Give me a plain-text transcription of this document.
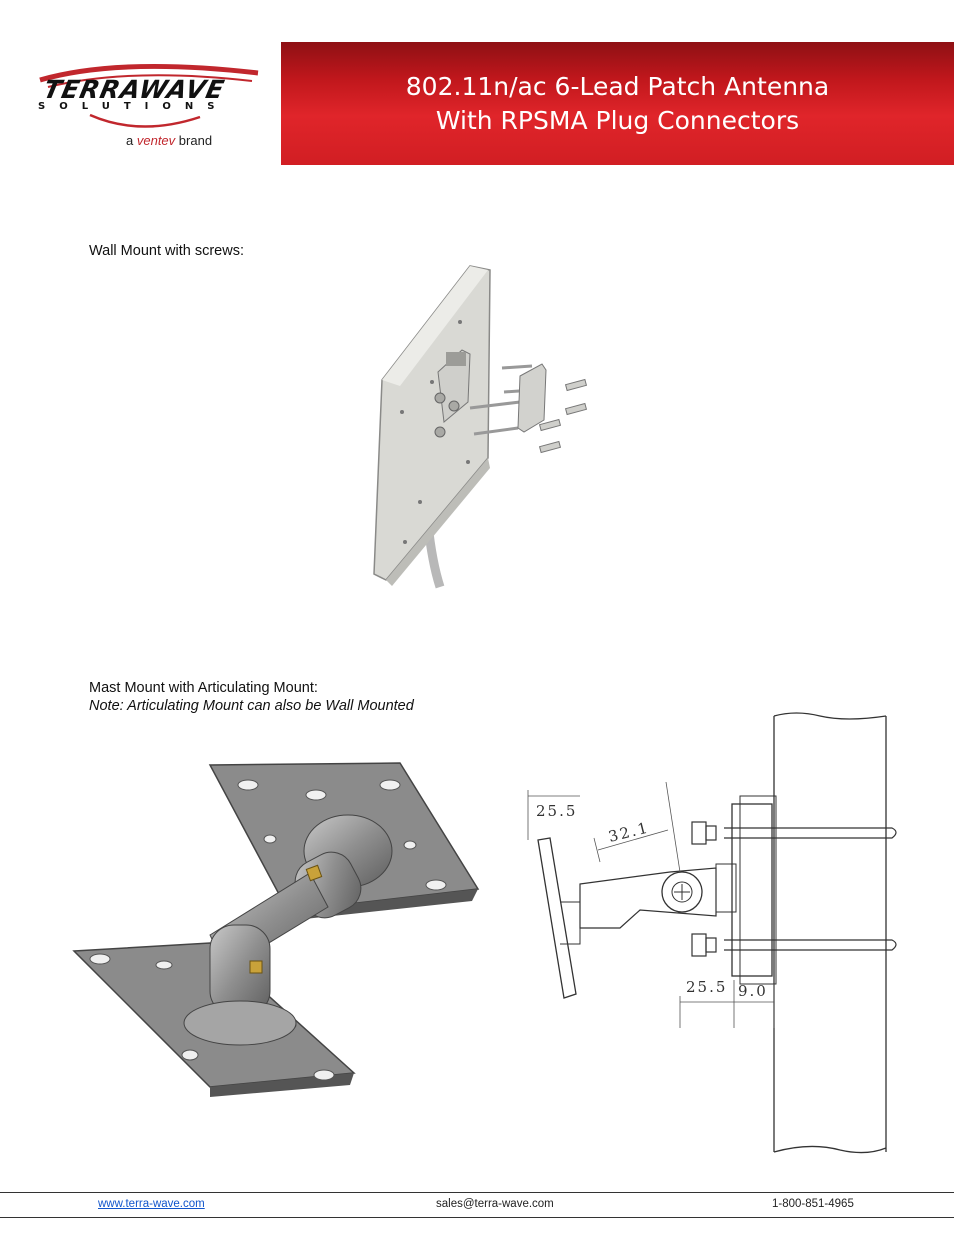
TERRAWAVE
SOLUTIONS
a ventev brand
802.11n/ac 6-Lead Patch Antenna
With RPSMA Plug Connectors
Wall Mount with screws:
Mast Mount with Articulating Mount:
Note: Articulating Mount can also be Wall Mounted
25.5
32.1
25.5 9.0
www.terra-wave.com	sales@terra-wave.com	1-800-851-4965
